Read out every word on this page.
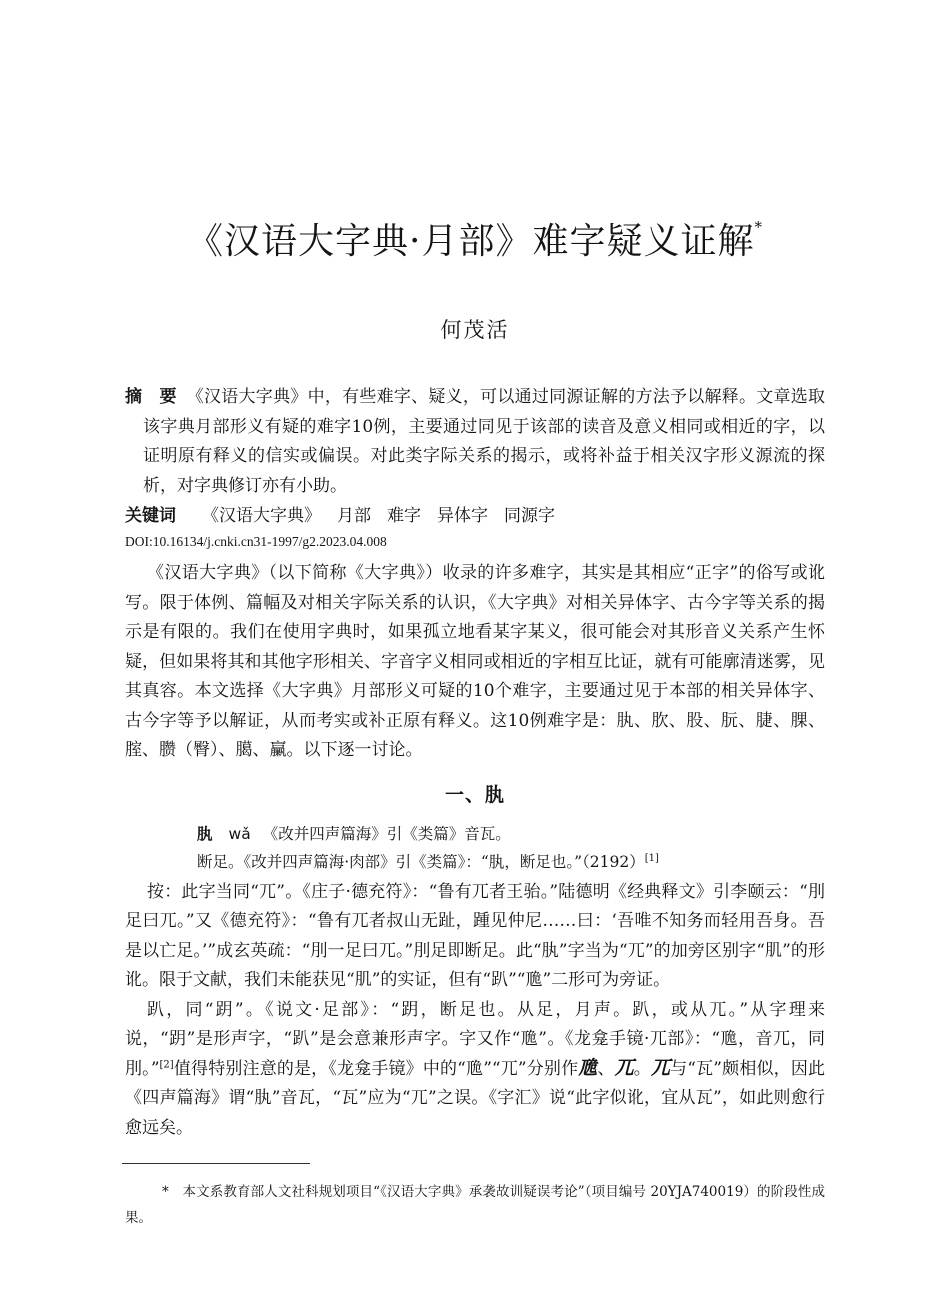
《汉语大字典·月部》难字疑义证解*
何茂活
摘　要 《汉语大字典》中，有些难字、疑义，可以通过同源证解的方法予以解释。文章选取该字典月部形义有疑的难字10例，主要通过同见于该部的读音及意义相同或相近的字，以证明原有释义的信实或偏误。对此类字际关系的揭示，或将补益于相关汉字形义源流的探析，对字典修订亦有小助。
关键词 《汉语大字典》 月部 难字 异体字 同源字
DOI:10.16134/j.cnki.cn31-1997/g2.2023.04.008

《汉语大字典》（以下简称《大字典》）收录的许多难字，其实是其相应“正字”的俗写或讹写。限于体例、篇幅及对相关字际关系的认识，《大字典》对相关异体字、古今字等关系的揭示是有限的。我们在使用字典时，如果孤立地看某字某义，很可能会对其形音义关系产生怀疑，但如果将其和其他字形相关、字音字义相同或相近的字相互比证，就有可能廓清迷雾，见其真容。本文选择《大字典》月部形义可疑的10个难字，主要通过见于本部的相关异体字、古今字等予以解证，从而考实或补正原有释义。这10例难字是：肒、肷、股、朊、脻、腂、腟、臜（臀）、臈、臝。以下逐一讨论。

一、肒
肒 wǎ 《改并四声篇海》引《类篇》音瓦。
断足。《改并四声篇海·肉部》引《类篇》：“肒，断足也。”（2192）[1]

按：此字当同“兀”。《庄子·德充符》：“鲁有兀者王骀。”陆德明《经典释文》引李颐云：“刖足曰兀。”又《德充符》：“鲁有兀者叔山无趾，踵见仲尼……曰：‘吾唯不知务而轻用吾身。吾是以亡足。’”成玄英疏：“刖一足曰兀。”刖足即断足。此“肒”字当为“兀”的加旁区别字“肌”的形讹。限于文献，我们未能获见“肌”的实证，但有“趴”“卼”二形可为旁证。

趴，同“跀”。《说文·足部》：“跀，断足也。从足，月声。趴，或从兀。”从字理来说，“跀”是形声字，“趴”是会意兼形声字。字又作“卼”。《龙龛手镜·兀部》：“卼，音兀，同刖。”[2]值得特别注意的是，《龙龛手镜》中的“卼”“兀”分别作卼、兀。兀与“瓦”颇相似，因此《四声篇海》谓“肒”音瓦，“瓦”应为“兀”之误。《字汇》说“此字似讹，宜从瓦”，如此则愈行愈远矣。

*　 本文系教育部人文社科规划项目“《汉语大字典》承袭故训疑误考论”（项目编号 20YJA740019）的阶段性成果。
